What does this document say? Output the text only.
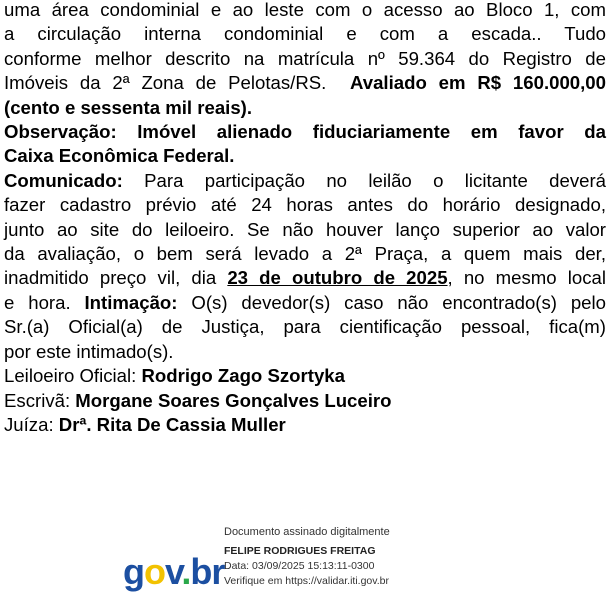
uma área condominial e ao leste com o acesso ao Bloco 1, com

a circulação interna condominial e com a escada.. Tudo

conforme melhor descrito na matrícula nº 59.364 do Registro de

Imóveis da 2ª Zona de Pelotas/RS. Avaliado em R$ 160.000,00

(cento e sessenta mil reais).

Observação: Imóvel alienado fiduciariamente em favor da

Caixa Econômica Federal.

Comunicado: Para participação no leilão o licitante deverá

fazer cadastro prévio até 24 horas antes do horário designado,

junto ao site do leiloeiro. Se não houver lanço superior ao valor

da avaliação, o bem será levado a 2ª Praça, a quem mais der,

inadmitido preço vil, dia 23 de outubro de 2025, no mesmo local

e hora. Intimação: O(s) devedor(s) caso não encontrado(s) pelo

Sr.(a) Oficial(a) de Justiça, para cientificação pessoal, fica(m)

por este intimado(s).

Leiloeiro Oficial: Rodrigo Zago Szortyka

Escrivã: Morgane Soares Gonçalves Luceiro

Juíza: Drª. Rita De Cassia Muller

gov.br
Documento assinado digitalmente
FELIPE RODRIGUES FREITAG
Data: 03/09/2025 15:13:11-0300
Verifique em https://validar.iti.gov.br
